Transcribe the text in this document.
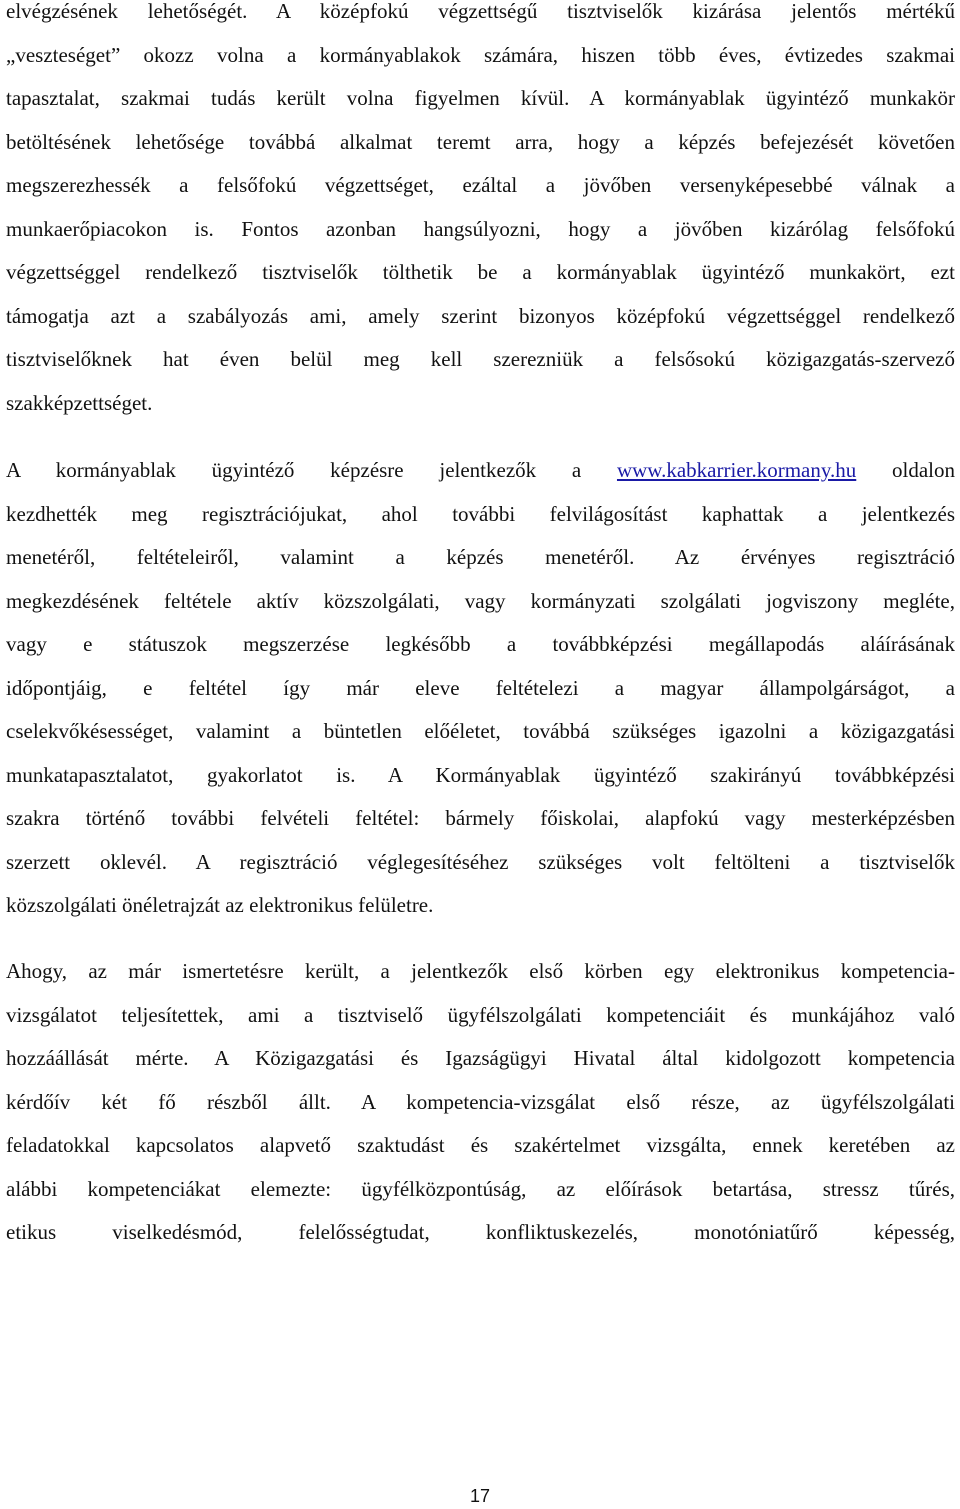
elvégzésének lehetőségét. A középfokú végzettségű tisztviselők kizárása jelentős mértékű
„veszteséget” okozz volna a kormányablakok számára, hiszen több éves, évtizedes szakmai
tapasztalat, szakmai tudás került volna figyelmen kívül. A kormányablak ügyintéző munkakör
betöltésének lehetősége továbbá alkalmat teremt arra, hogy a képzés befejezését követően
megszerezhessék a felsőfokú végzettséget, ezáltal a jövőben versenyképesebbé válnak a
munkaerőpiacokon is. Fontos azonban hangsúlyozni, hogy a jövőben kizárólag felsőfokú
végzettséggel rendelkező tisztviselők tölthetik be a kormányablak ügyintéző munkakört, ezt
támogatja azt a szabályozás ami, amely szerint bizonyos középfokú végzettséggel rendelkező
tisztviselőknek hat éven belül meg kell szerezniük a felsősokú közigazgatás-szervező
szakképzettséget.
A kormányablak ügyintéző képzésre jelentkezők a www.kabkarrier.kormany.hu oldalon
kezdhették meg regisztrációjukat, ahol további felvilágosítást kaphattak a jelentkezés
menetéről, feltételeiről, valamint a képzés menetéről. Az érvényes regisztráció
megkezdésének feltétele aktív közszolgálati, vagy kormányzati szolgálati jogviszony megléte,
vagy e státuszok megszerzése legkésőbb a továbbképzési megállapodás aláírásának
időpontjáig, e feltétel így már eleve feltételezi a magyar állampolgárságot, a
cselekvőkésességet, valamint a büntetlen előéletet, továbbá szükséges igazolni a közigazgatási
munkatapasztalatot, gyakorlatot is. A Kormányablak ügyintéző szakirányú továbbképzési
szakra történő további felvételi feltétel: bármely főiskolai, alapfokú vagy mesterképzésben
szerzett oklevél. A regisztráció véglegesítéséhez szükséges volt feltölteni a tisztviselők
közszolgálati önéletrajzát az elektronikus felületre.
Ahogy, az már ismertetésre került, a jelentkezők első körben egy elektronikus kompetencia-
vizsgálatot teljesítettek, ami a tisztviselő ügyfélszolgálati kompetenciáit és munkájához való
hozzáállását mérte. A Közigazgatási és Igazságügyi Hivatal által kidolgozott kompetencia
kérdőív két fő részből állt. A kompetencia-vizsgálat első része, az ügyfélszolgálati
feladatokkal kapcsolatos alapvető szaktudást és szakértelmet vizsgálta, ennek keretében az
alábbi kompetenciákat elemezte: ügyfélközpontúság, az előírások betartása, stressz tűrés,
etikus viselkedésmód, felelősségtudat, konfliktuskezelés, monotóniatűrő képesség,
17
